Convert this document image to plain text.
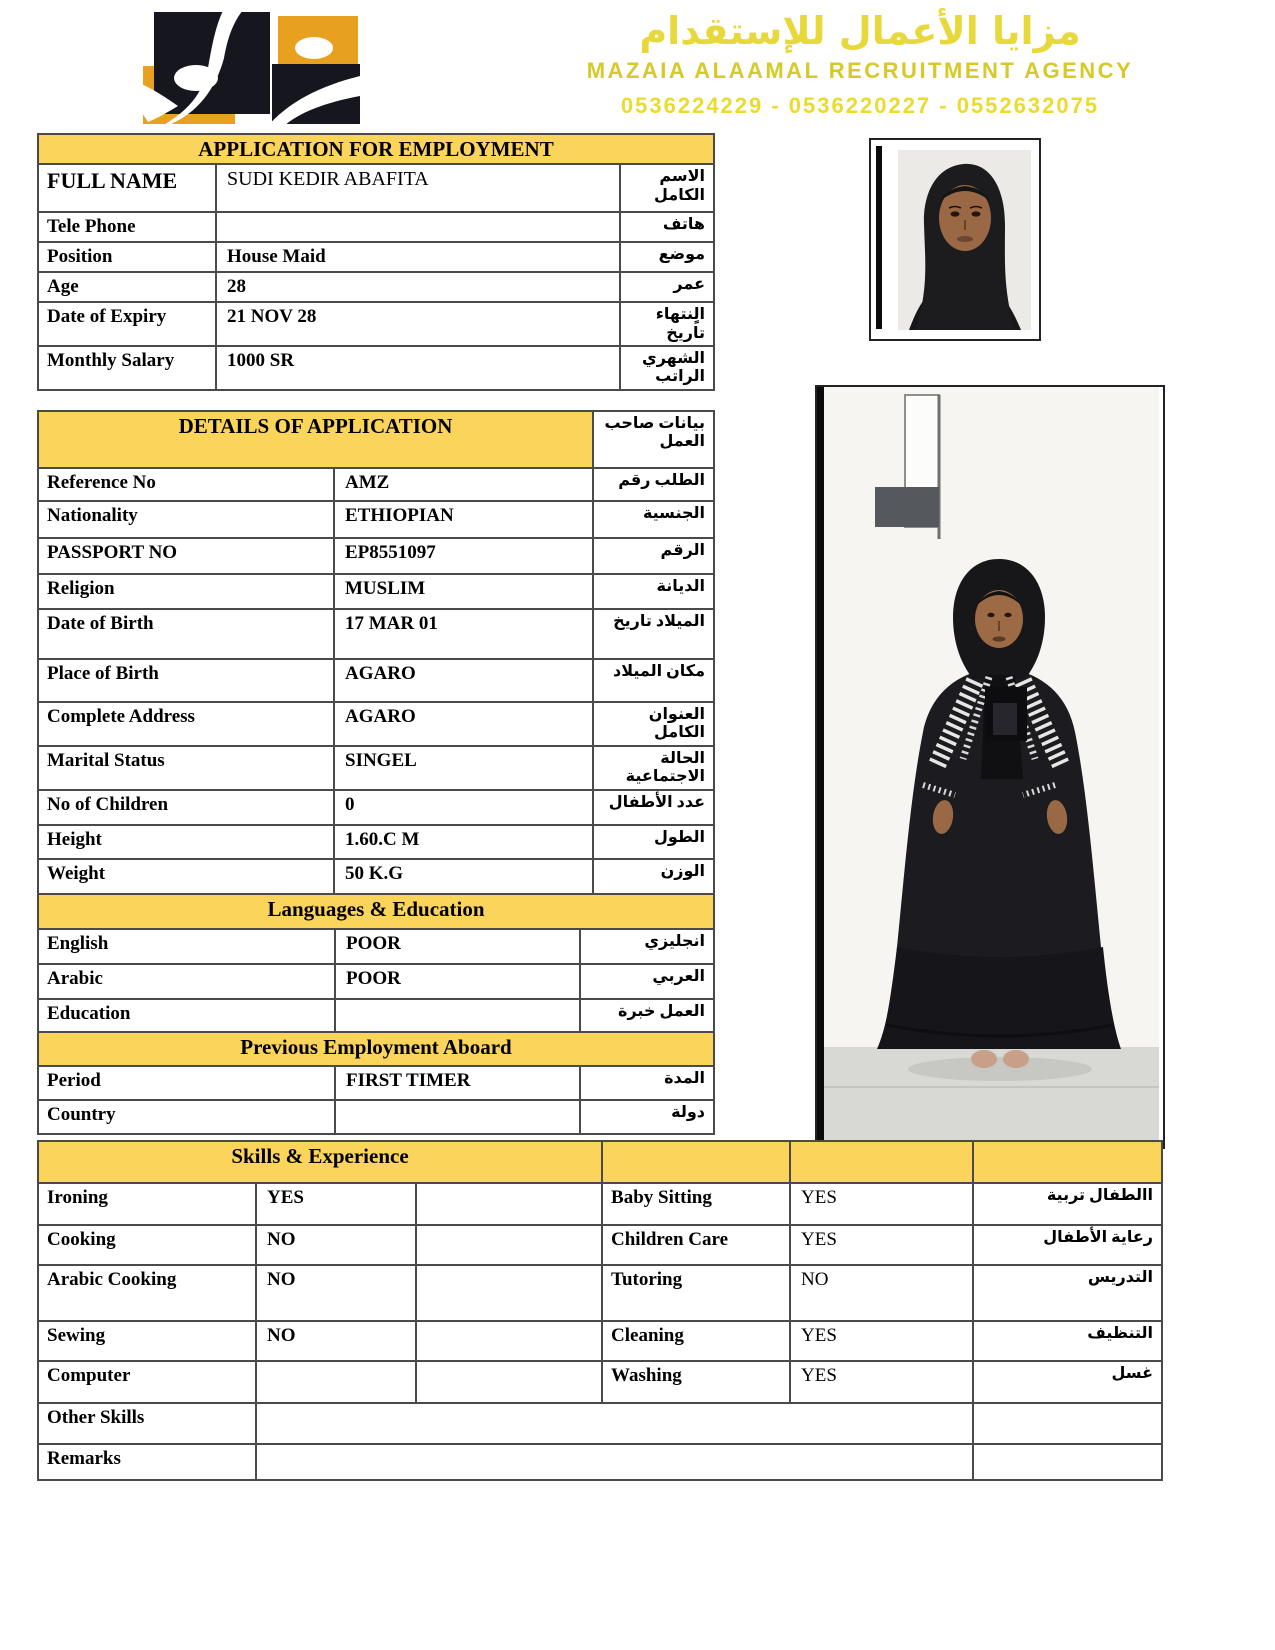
مزايا الأعمال للإستقدام
MAZAIA ALAAMAL RECRUITMENT AGENCY
0536224229 - 0536220227 - 0552632075
APPLICATION FOR EMPLOYMENT		
FULL NAME	SUDI KEDIR ABAFITA	الاسم الكامل
Tele Phone		هاتف
Position	House Maid	موضع
Age	28	عمر
Date of Expiry	21 NOV 28	الٍنتهاء تاريخ
Monthly Salary	1000 SR	الشهري الراتب
DETAILS OF APPLICATION		بيانات صاحب العمل
Reference No	AMZ	الطلب رقم
Nationality	ETHIOPIAN	الجنسية
PASSPORT NO	EP8551097	الرقم
Religion	MUSLIM	الديانة
Date of Birth	17 MAR 01	الميلاد تاريخ
Place of Birth	AGARO	مكان الميلاد
Complete Address	AGARO	العنوان الكامل
Marital Status	SINGEL	الحالة الاجتماعية
No of Children	0	عدد الأطفال
Height	1.60.C M	الطول
Weight	50 K.G	الوزن
Languages & Education		
English	POOR	انجليزي
Arabic	POOR	العربي
Education		العمل خبرة
Previous Employment Aboard		
Period	FIRST TIMER	المدة
Country		دولة
Skills & Experience					
Ironing	YES		Baby Sitting	YES	االطفال تربية
Cooking	NO		Children Care	YES	رعاية الأطفال
Arabic Cooking	NO		Tutoring	NO	التدريس
Sewing	NO		Cleaning	YES	التنظيف
Computer			Washing	YES	غسل
Other Skills					
Remarks					
